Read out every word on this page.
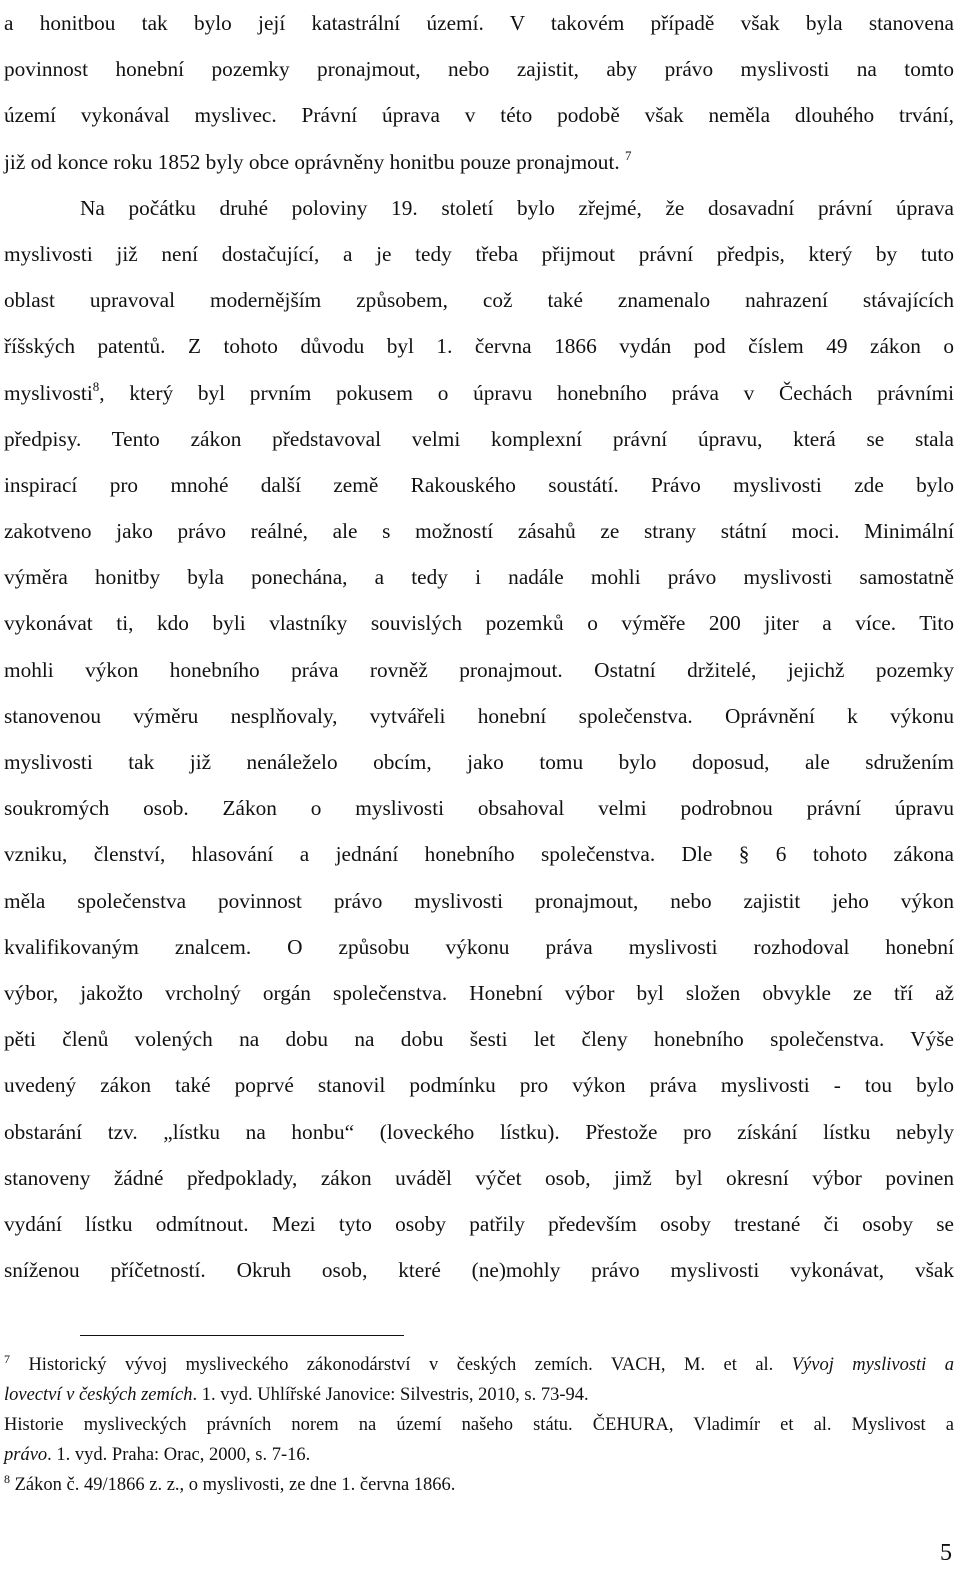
a honitbou tak bylo její katastrální území. V takovém případě však byla stanovena
povinnost honební pozemky pronajmout, nebo zajistit, aby právo myslivosti na tomto
území vykonával myslivec. Právní úprava v této podobě však neměla dlouhého trvání,
již od konce roku 1852 byly obce oprávněny honitbu pouze pronajmout. $^7$
Na počátku druhé poloviny 19. století bylo zřejmé, že dosavadní právní úprava
myslivosti již není dostačující, a je tedy třeba přijmout právní předpis, který by tuto
oblast upravoval modernějším způsobem, což také znamenalo nahrazení stávajících
říšských patentů. Z tohoto důvodu byl 1. června 1866 vydán pod číslem 49 zákon o
myslivosti$^8$, který byl prvním pokusem o úpravu honebního práva v Čechách právními
předpisy. Tento zákon představoval velmi komplexní právní úpravu, která se stala
inspirací pro mnohé další země Rakouského soustátí. Právo myslivosti zde bylo
zakotveno jako právo reálné, ale s možností zásahů ze strany státní moci. Minimální
výměra honitby byla ponechána, a tedy i nadále mohli právo myslivosti samostatně
vykonávat ti, kdo byli vlastníky souvislých pozemků o výměře 200 jiter a více. Tito
mohli výkon honebního práva rovněž pronajmout. Ostatní držitelé, jejichž pozemky
stanovenou výměru nesplňovaly, vytvářeli honební společenstva. Oprávnění k výkonu
myslivosti tak již nenáleželo obcím, jako tomu bylo doposud, ale sdružením
soukromých osob. Zákon o myslivosti obsahoval velmi podrobnou právní úpravu
vzniku, členství, hlasování a jednání honebního společenstva. Dle § 6 tohoto zákona
měla společenstva povinnost právo myslivosti pronajmout, nebo zajistit jeho výkon
kvalifikovaným znalcem. O způsobu výkonu práva myslivosti rozhodoval honební
výbor, jakožto vrcholný orgán společenstva. Honební výbor byl složen obvykle ze tří až
pěti členů volených na dobu na dobu šesti let členy honebního společenstva. Výše
uvedený zákon také poprvé stanovil podmínku pro výkon práva myslivosti - tou bylo
obstarání tzv. „lístku na honbu“ (loveckého lístku). Přestože pro získání lístku nebyly
stanoveny žádné předpoklady, zákon uváděl výčet osob, jimž byl okresní výbor povinen
vydání lístku odmítnout. Mezi tyto osoby patřily především osoby trestané či osoby se
sníženou příčetností. Okruh osob, které (ne)mohly právo myslivosti vykonávat, však
$^7$ Historický vývoj mysliveckého zákonodárství v českých zemích. VACH, M. et al. Vývoj myslivosti a
lovectví v českých zemích. 1. vyd. Uhlířské Janovice: Silvestris, 2010, s. 73-94.
Historie mysliveckých právních norem na území našeho státu. ČEHURA, Vladimír et al. Myslivost a
právo. 1. vyd. Praha: Orac, 2000, s. 7-16.
$^8$ Zákon č. 49/1866 z. z., o myslivosti, ze dne 1. června 1866.
5
